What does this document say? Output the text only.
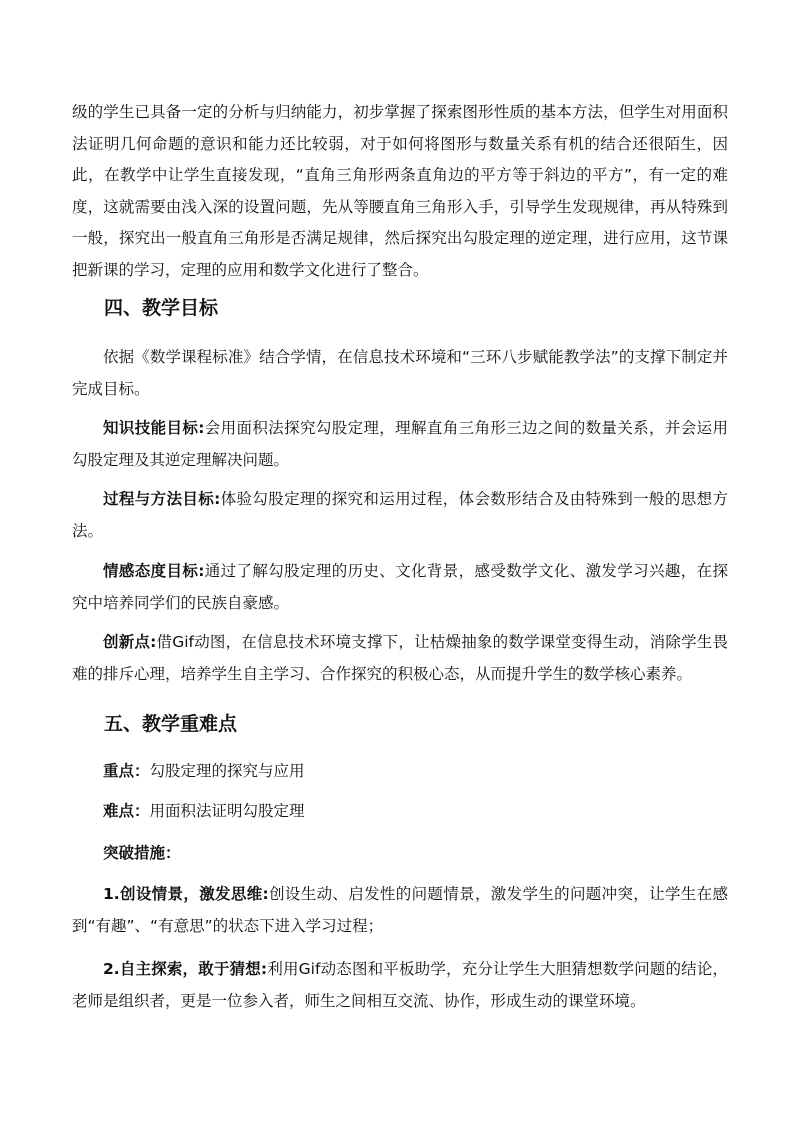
级的学生已具备一定的分析与归纳能力，初步掌握了探索图形性质的基本方法，但学生对用面积法证明几何命题的意识和能力还比较弱，对于如何将图形与数量关系有机的结合还很陌生，因此，在教学中让学生直接发现，“直角三角形两条直角边的平方等于斜边的平方”，有一定的难度，这就需要由浅入深的设置问题，先从等腰直角三角形入手，引导学生发现规律，再从特殊到一般，探究出一般直角三角形是否满足规律，然后探究出勾股定理的逆定理，进行应用，这节课把新课的学习，定理的应用和数学文化进行了整合。

四、教学目标

依据《数学课程标准》结合学情，在信息技术环境和“三环八步赋能教学法”的支撑下制定并完成目标。

知识技能目标:会用面积法探究勾股定理，理解直角三角形三边之间的数量关系，并会运用勾股定理及其逆定理解决问题。

过程与方法目标:体验勾股定理的探究和运用过程，体会数形结合及由特殊到一般的思想方法。

情感态度目标:通过了解勾股定理的历史、文化背景，感受数学文化、激发学习兴趣，在探究中培养同学们的民族自豪感。

创新点:借Gif动图，在信息技术环境支撑下，让枯燥抽象的数学课堂变得生动，消除学生畏难的排斥心理，培养学生自主学习、合作探究的积极心态，从而提升学生的数学核心素养。

五、教学重难点

重点：勾股定理的探究与应用

难点：用面积法证明勾股定理

突破措施：

1.创设情景，激发思维:创设生动、启发性的问题情景，激发学生的问题冲突，让学生在感到“有趣”、“有意思”的状态下进入学习过程；

2.自主探索，敢于猜想:利用Gif动态图和平板助学，充分让学生大胆猜想数学问题的结论，老师是组织者，更是一位参入者，师生之间相互交流、协作，形成生动的课堂环境。
